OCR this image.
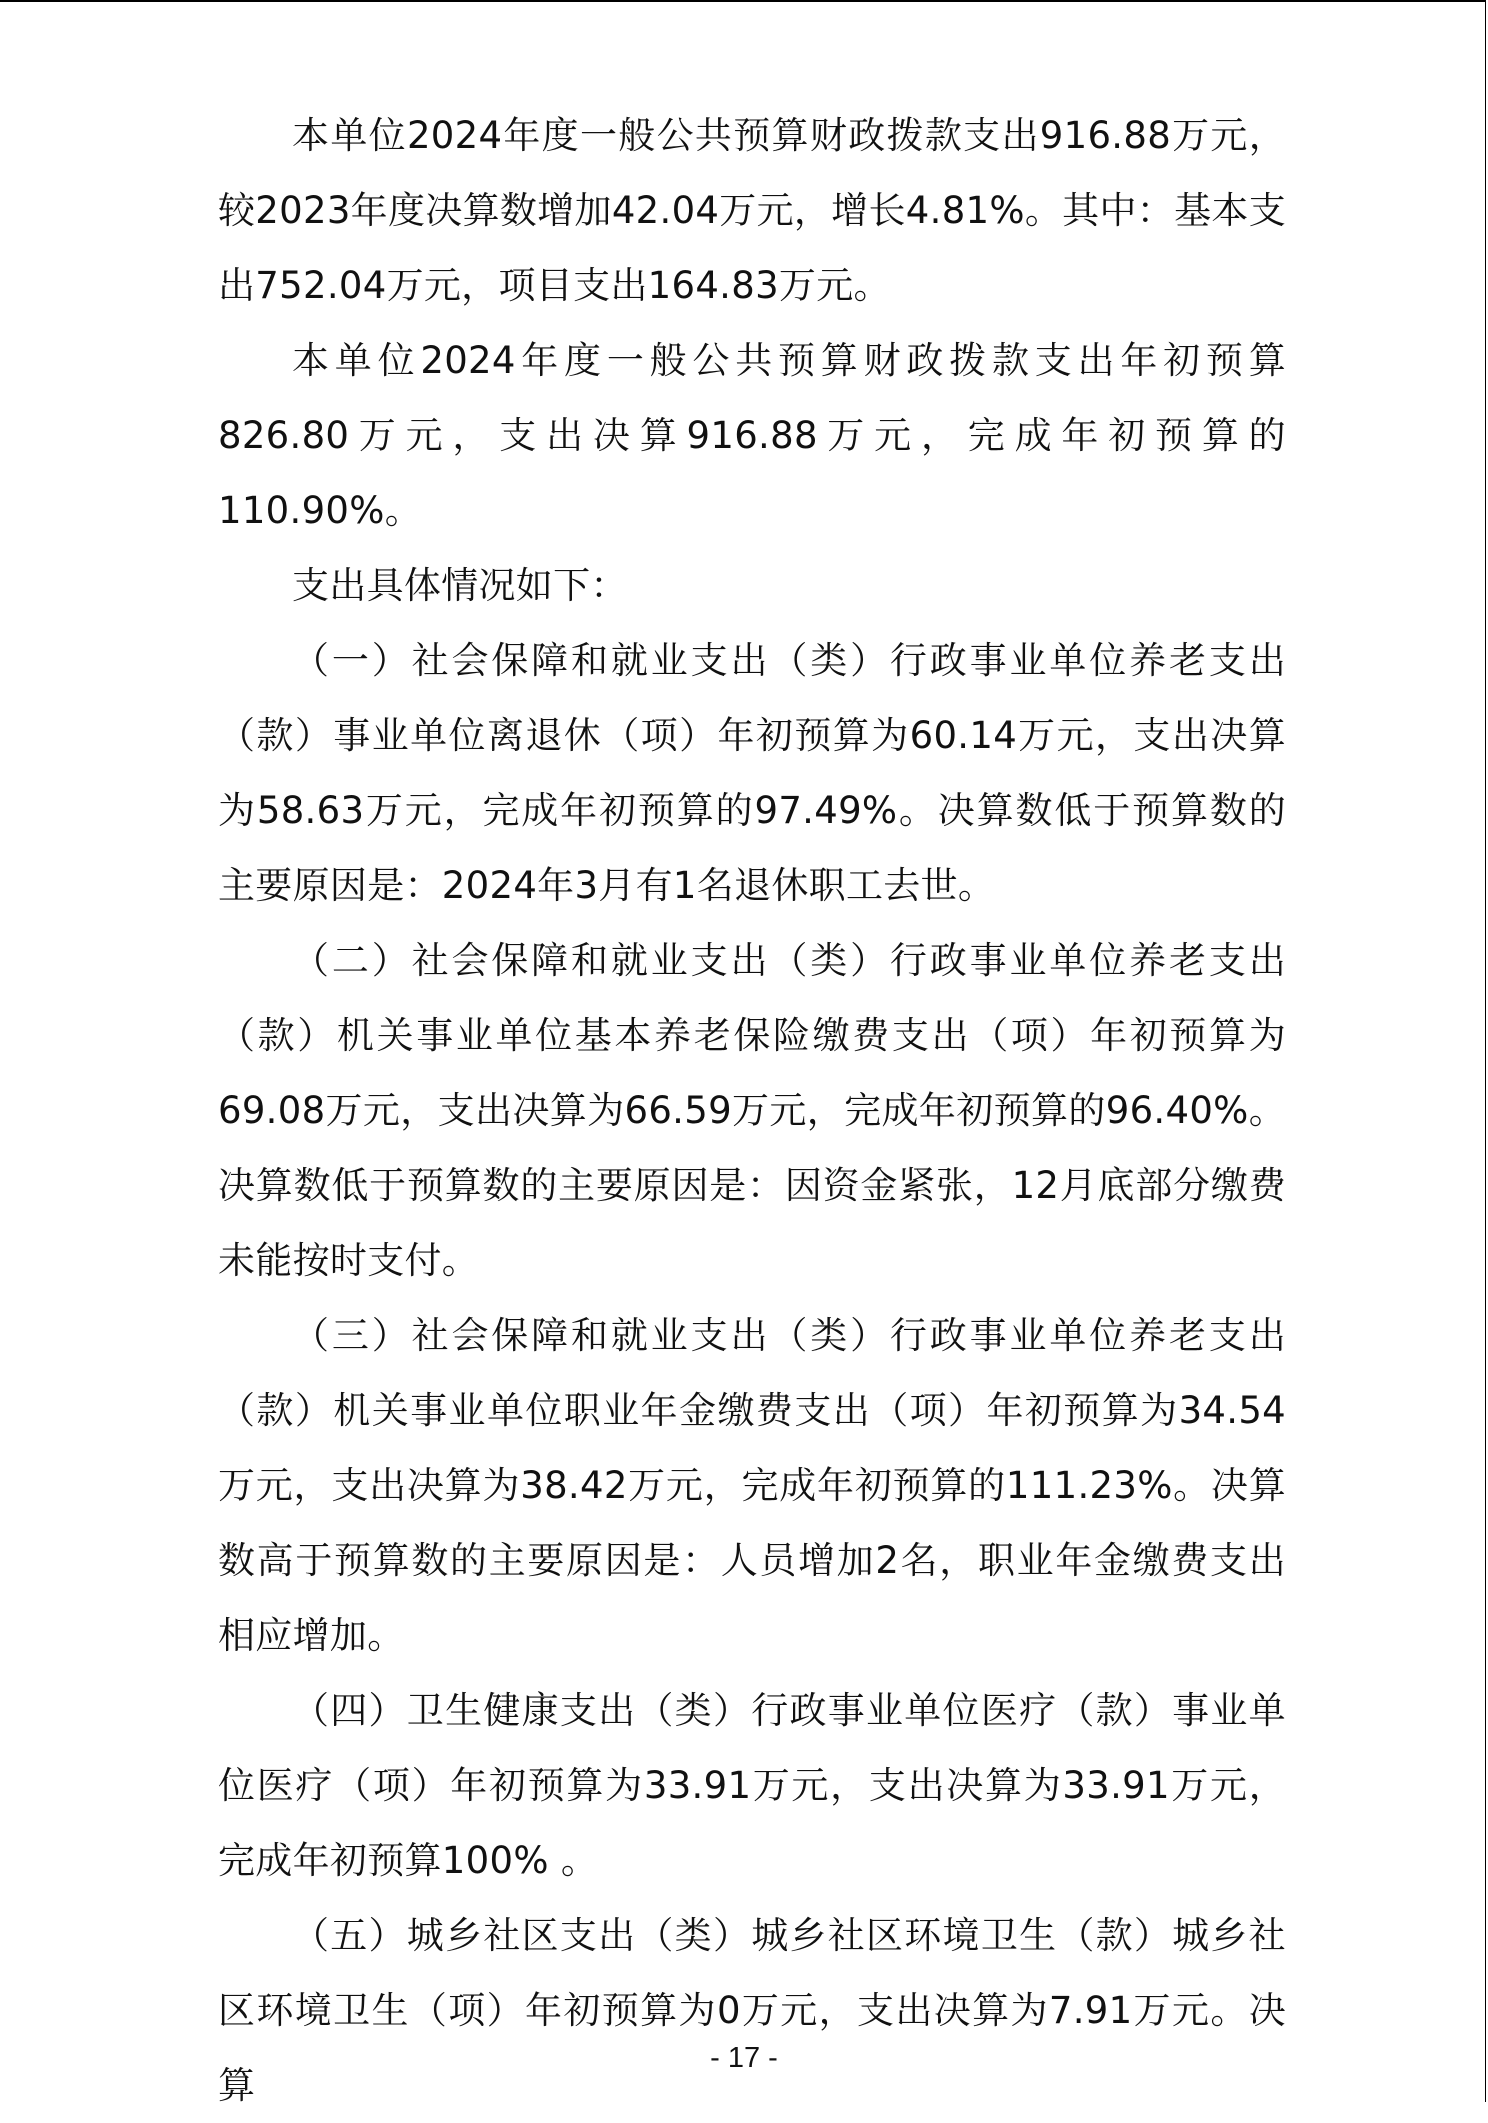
本单位2024年度一般公共预算财政拨款支出916.88万元，较2023年度决算数增加42.04万元，增长4.81%。其中：基本支出752.04万元，项目支出164.83万元。

本单位2024年度一般公共预算财政拨款支出年初预算826.80万元，支出决算916.88万元，完成年初预算的110.90%。

支出具体情况如下：

（一）社会保障和就业支出（类）行政事业单位养老支出（款）事业单位离退休（项）年初预算为60.14万元，支出决算为58.63万元，完成年初预算的97.49%。决算数低于预算数的主要原因是：2024年3月有1名退休职工去世。

（二）社会保障和就业支出（类）行政事业单位养老支出（款）机关事业单位基本养老保险缴费支出（项）年初预算为69.08万元，支出决算为66.59万元，完成年初预算的96.40%。决算数低于预算数的主要原因是：因资金紧张，12月底部分缴费未能按时支付。

（三）社会保障和就业支出（类）行政事业单位养老支出（款）机关事业单位职业年金缴费支出（项）年初预算为34.54万元，支出决算为38.42万元，完成年初预算的111.23%。决算数高于预算数的主要原因是：人员增加2名，职业年金缴费支出相应增加。

（四）卫生健康支出（类）行政事业单位医疗（款）事业单位医疗（项）年初预算为33.91万元，支出决算为33.91万元，完成年初预算100% 。

（五）城乡社区支出（类）城乡社区环境卫生（款）城乡社区环境卫生（项）年初预算为0万元，支出决算为7.91万元。决算

- 17 -
